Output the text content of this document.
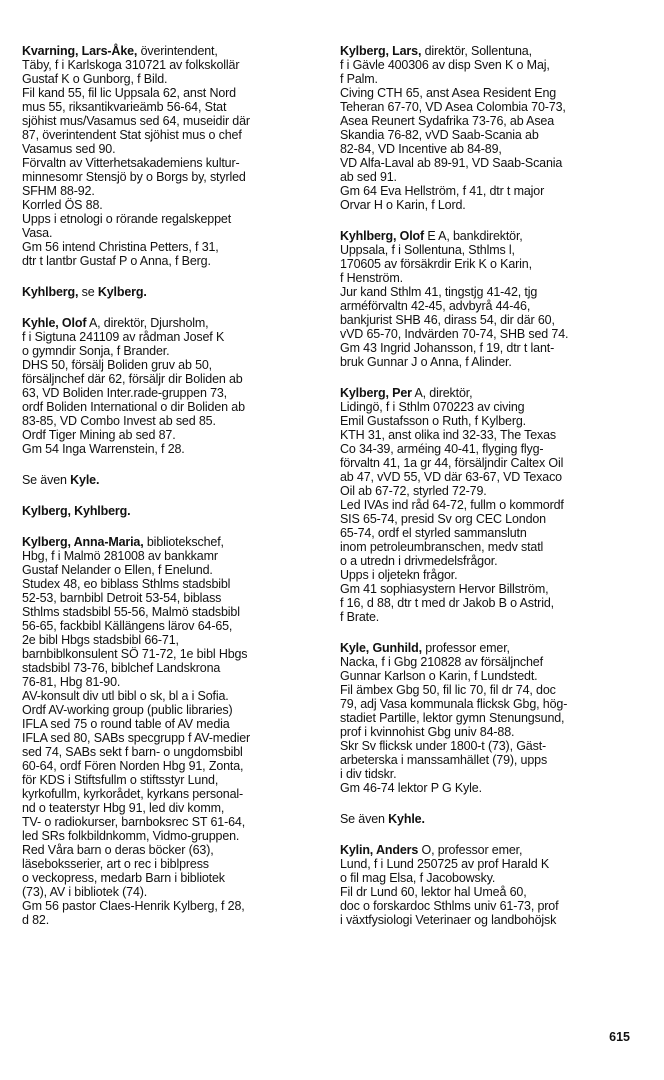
Kvarning, Lars-Åke, överintendent,
Täby, f i Karlskoga 310721 av folkskollär
Gustaf K o Gunborg, f Bild.
Fil kand 55, fil lic Uppsala 62, anst Nord
mus 55, riksantikvarieämb 56-64, Stat
sjöhist mus/Vasamus sed 64, museidir där
87, överintendent Stat sjöhist mus o chef
Vasamus sed 90.
Förvaltn av Vitterhetsakademiens kultur-
minnesomr Stensjö by o Borgs by, styrled
SFHM 88-92.
Korrled ÖS 88.
Upps i etnologi o rörande regalskeppet
Vasa.
Gm 56 intend Christina Petters, f 31,
dtr t lantbr Gustaf P o Anna, f Berg.
Kyhlberg, se Kylberg.
Kyhle, Olof A, direktör, Djursholm,
f i Sigtuna 241109 av rådman Josef K
o gymndir Sonja, f Brander.
DHS 50, försälj Boliden gruv ab 50,
försäljnchef där 62, försäljr dir Boliden ab
63, VD Boliden Inter.rade-gruppen 73,
ordf Boliden International o dir Boliden ab
83-85, VD Combo Invest ab sed 85.
Ordf Tiger Mining ab sed 87.
Gm 54 Inga Warrenstein, f 28.
Se även Kyle.
Kylberg, Kyhlberg.
Kylberg, Anna-Maria, bibliotekschef,
Hbg, f i Malmö 281008 av bankkamr
Gustaf Nelander o Ellen, f Enelund.
Studex 48, eo biblass Sthlms stadsbibl
52-53, barnbibl Detroit 53-54, biblass
Sthlms stadsbibl 55-56, Malmö stadsbibl
56-65, fackbibl Källängens lärov 64-65,
2e bibl Hbgs stadsbibl 66-71,
barnbiblkonsulent SÖ 71-72, 1e bibl Hbgs
stadsbibl 73-76, biblchef Landskrona
76-81, Hbg 81-90.
AV-konsult div utl bibl o sk, bl a i Sofia.
Ordf AV-working group (public libraries)
IFLA sed 75 o round table of AV media
IFLA sed 80, SABs specgrupp f AV-medier
sed 74, SABs sekt f barn- o ungdomsbibl
60-64, ordf Fören Norden Hbg 91, Zonta,
för KDS i Stiftsfullm o stiftsstyr Lund,
kyrkofullm, kyrkorådet, kyrkans personal-
nd o teaterstyr Hbg 91, led div komm,
TV- o radiokurser, barnboksrec ST 61-64,
led SRs folkbildnkomm, Vidmo-gruppen.
Red Våra barn o deras böcker (63),
läseboksserier, art o rec i biblpress
o veckopress, medarb Barn i bibliotek
(73), AV i bibliotek (74).
Gm 56 pastor Claes-Henrik Kylberg, f 28,
d 82.
Kylberg, Lars, direktör, Sollentuna,
f i Gävle 400306 av disp Sven K o Maj,
f Palm.
Civing CTH 65, anst Asea Resident Eng
Teheran 67-70, VD Asea Colombia 70-73,
Asea Reunert Sydafrika 73-76, ab Asea
Skandia 76-82, vVD Saab-Scania ab
82-84, VD Incentive ab 84-89,
VD Alfa-Laval ab 89-91, VD Saab-Scania
ab sed 91.
Gm 64 Eva Hellström, f 41, dtr t major
Orvar H o Karin, f Lord.
Kyhlberg, Olof E A, bankdirektör,
Uppsala, f i Sollentuna, Sthlms l,
170605 av försäkrdir Erik K o Karin,
f Henström.
Jur kand Sthlm 41, tingstjg 41-42, tjg
arméförvaltn 42-45, advbyrå 44-46,
bankjurist SHB 46, dirass 54, dir där 60,
vVD 65-70, Indvärden 70-74, SHB sed 74.
Gm 43 Ingrid Johansson, f 19, dtr t lant-
bruk Gunnar J o Anna, f Alinder.
Kylberg, Per A, direktör,
Lidingö, f i Sthlm 070223 av civing
Emil Gustafsson o Ruth, f Kylberg.
KTH 31, anst olika ind 32-33, The Texas
Co 34-39, arméing 40-41, flyging flyg-
förvaltn 41, 1a gr 44, försäljndir Caltex Oil
ab 47, vVD 55, VD där 63-67, VD Texaco
Oil ab 67-72, styrled 72-79.
Led IVAs ind råd 64-72, fullm o kommordf
SIS 65-74, presid Sv org CEC London
65-74, ordf el styrled sammanslutn
inom petroleumbranschen, medv statl
o a utredn i drivmedelsfrågor.
Upps i oljetekn frågor.
Gm 41 sophiasystern Hervor Billström,
f 16, d 88, dtr t med dr Jakob B o Astrid,
f Brate.
Kyle, Gunhild, professor emer,
Nacka, f i Gbg 210828 av försäljnchef
Gunnar Karlson o Karin, f Lundstedt.
Fil ämbex Gbg 50, fil lic 70, fil dr 74, doc
79, adj Vasa kommunala flicksk Gbg, hög-
stadiet Partille, lektor gymn Stenungsund,
prof i kvinnohist Gbg univ 84-88.
Skr Sv flicksk under 1800-t (73), Gäst-
arbeterska i manssamhället (79), upps
i div tidskr.
Gm 46-74 lektor P G Kyle.
Se även Kyhle.
Kylin, Anders O, professor emer,
Lund, f i Lund 250725 av prof Harald K
o fil mag Elsa, f Jacobowsky.
Fil dr Lund 60, lektor hal Umeå 60,
doc o forskardoc Sthlms univ 61-73, prof
i växtfysiologi Veterinaer og landbohöjsk
615
